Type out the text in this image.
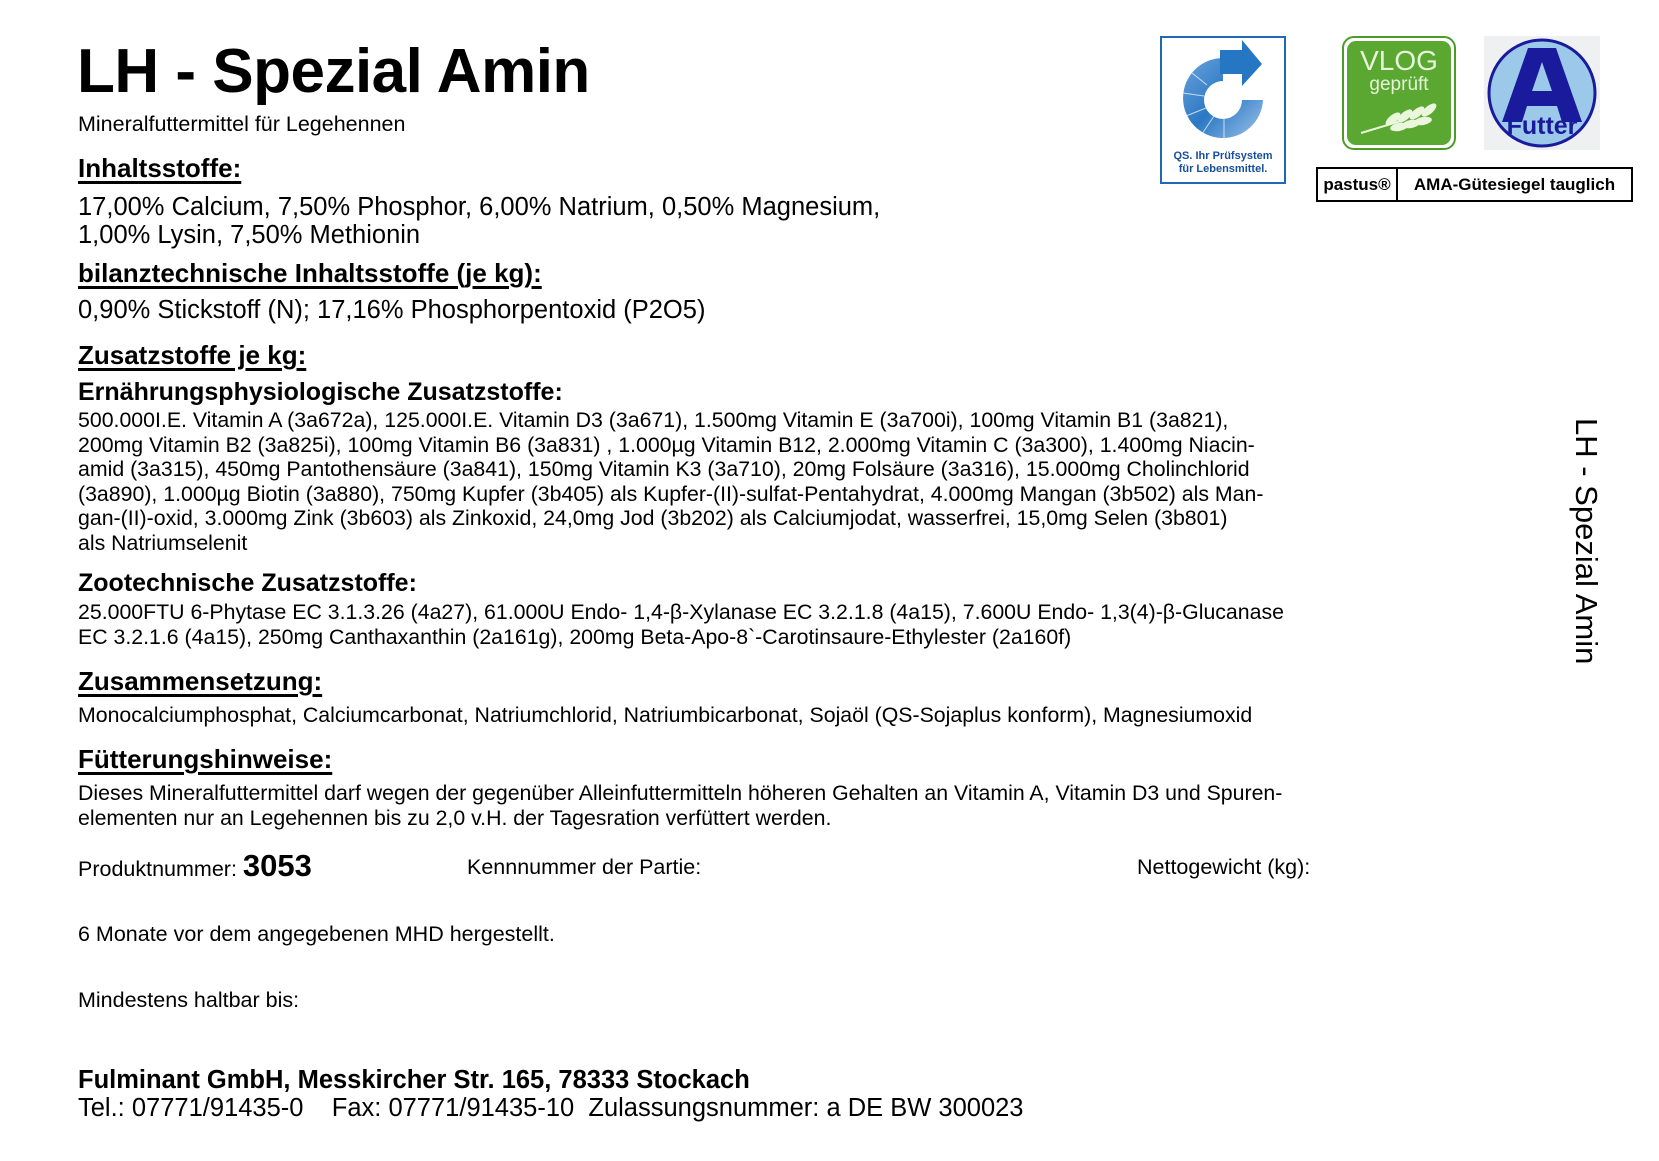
LH - Spezial Amin
Mineralfuttermittel für Legehennen
QS. Ihr Prüfsystem
für Lebensmittel.
VLOG
geprüft
Futter
pastus®	AMA-Gütesiegel tauglich
LH - Spezial Amin
Inhaltsstoffe:
17,00% Calcium, 7,50% Phosphor, 6,00% Natrium, 0,50% Magnesium,
1,00% Lysin, 7,50% Methionin
bilanztechnische Inhaltsstoffe (je kg):
0,90% Stickstoff (N); 17,16% Phosphorpentoxid (P2O5)
Zusatzstoffe je kg:
Ernährungsphysiologische Zusatzstoffe:
500.000I.E. Vitamin A (3a672a), 125.000I.E. Vitamin D3 (3a671), 1.500mg Vitamin E (3a700i), 100mg Vitamin B1 (3a821),
200mg Vitamin B2 (3a825i), 100mg Vitamin B6 (3a831) , 1.000µg Vitamin B12, 2.000mg Vitamin C (3a300), 1.400mg Niacin-
amid (3a315), 450mg Pantothensäure (3a841), 150mg Vitamin K3 (3a710), 20mg Folsäure (3a316), 15.000mg Cholinchlorid
(3a890), 1.000µg Biotin (3a880), 750mg Kupfer (3b405) als Kupfer-(II)-sulfat-Pentahydrat, 4.000mg Mangan (3b502) als Man-
gan-(II)-oxid, 3.000mg Zink (3b603) als Zinkoxid, 24,0mg Jod (3b202) als Calciumjodat, wasserfrei, 15,0mg Selen (3b801)
als Natriumselenit
Zootechnische Zusatzstoffe:
25.000FTU 6-Phytase EC 3.1.3.26 (4a27), 61.000U Endo- 1,4-β-Xylanase EC 3.2.1.8 (4a15), 7.600U Endo- 1,3(4)-β-Glucanase
EC 3.2.1.6 (4a15), 250mg Canthaxanthin (2a161g), 200mg Beta-Apo-8`-Carotinsaure-Ethylester (2a160f)
Zusammensetzung:
Monocalciumphosphat, Calciumcarbonat, Natriumchlorid, Natriumbicarbonat, Sojaöl (QS-Sojaplus konform), Magnesiumoxid
Fütterungshinweise:
Dieses Mineralfuttermittel darf wegen der gegenüber Alleinfuttermitteln höheren Gehalten an Vitamin A, Vitamin D3 und Spuren-
elementen nur an Legehennen bis zu 2,0 v.H. der Tagesration verfüttert werden.
Produktnummer: 3053	Kennnummer der Partie:	Nettogewicht (kg):
6 Monate vor dem angegebenen MHD hergestellt.
Mindestens haltbar bis:
Fulminant GmbH, Messkircher Str. 165, 78333 Stockach
Tel.: 07771/91435-0    Fax: 07771/91435-10  Zulassungsnummer: a DE BW 300023
